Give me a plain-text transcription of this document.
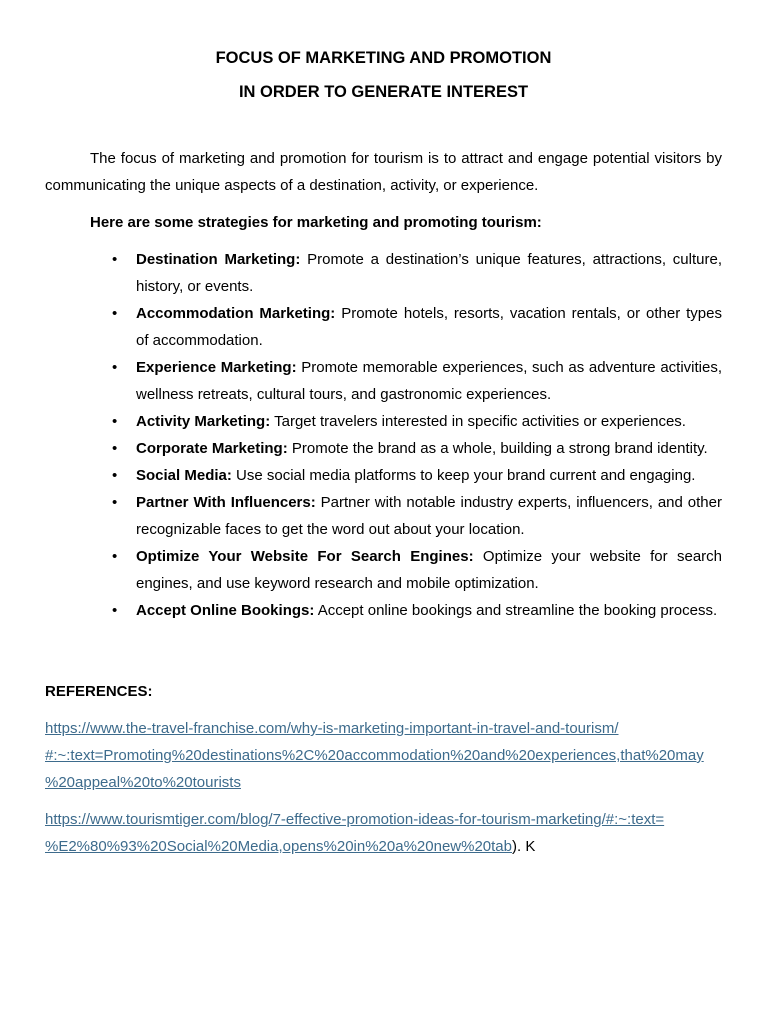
FOCUS OF MARKETING AND PROMOTION

IN ORDER TO GENERATE INTEREST

The focus of marketing and promotion for tourism is to attract and engage potential visitors by communicating the unique aspects of a destination, activity, or experience.

Here are some strategies for marketing and promoting tourism:

• Destination Marketing: Promote a destination’s unique features, attractions, culture, history, or events.
• Accommodation Marketing: Promote hotels, resorts, vacation rentals, or other types of accommodation.
• Experience Marketing: Promote memorable experiences, such as adventure activities, wellness retreats, cultural tours, and gastronomic experiences.
• Activity Marketing: Target travelers interested in specific activities or experiences.
• Corporate Marketing: Promote the brand as a whole, building a strong brand identity.
• Social Media: Use social media platforms to keep your brand current and engaging.
• Partner With Influencers: Partner with notable industry experts, influencers, and other recognizable faces to get the word out about your location.
• Optimize Your Website For Search Engines: Optimize your website for search engines, and use keyword research and mobile optimization.
• Accept Online Bookings: Accept online bookings and streamline the booking process.

REFERENCES:

https://www.the-travel-franchise.com/why-is-marketing-important-in-travel-and-tourism/
#:~:text=Promoting%20destinations%2C%20accommodation%20and%20experiences,that%20may
%20appeal%20to%20tourists

https://www.tourismtiger.com/blog/7-effective-promotion-ideas-for-tourism-marketing/#:~:text=
%E2%80%93%20Social%20Media,opens%20in%20a%20new%20tab). K
